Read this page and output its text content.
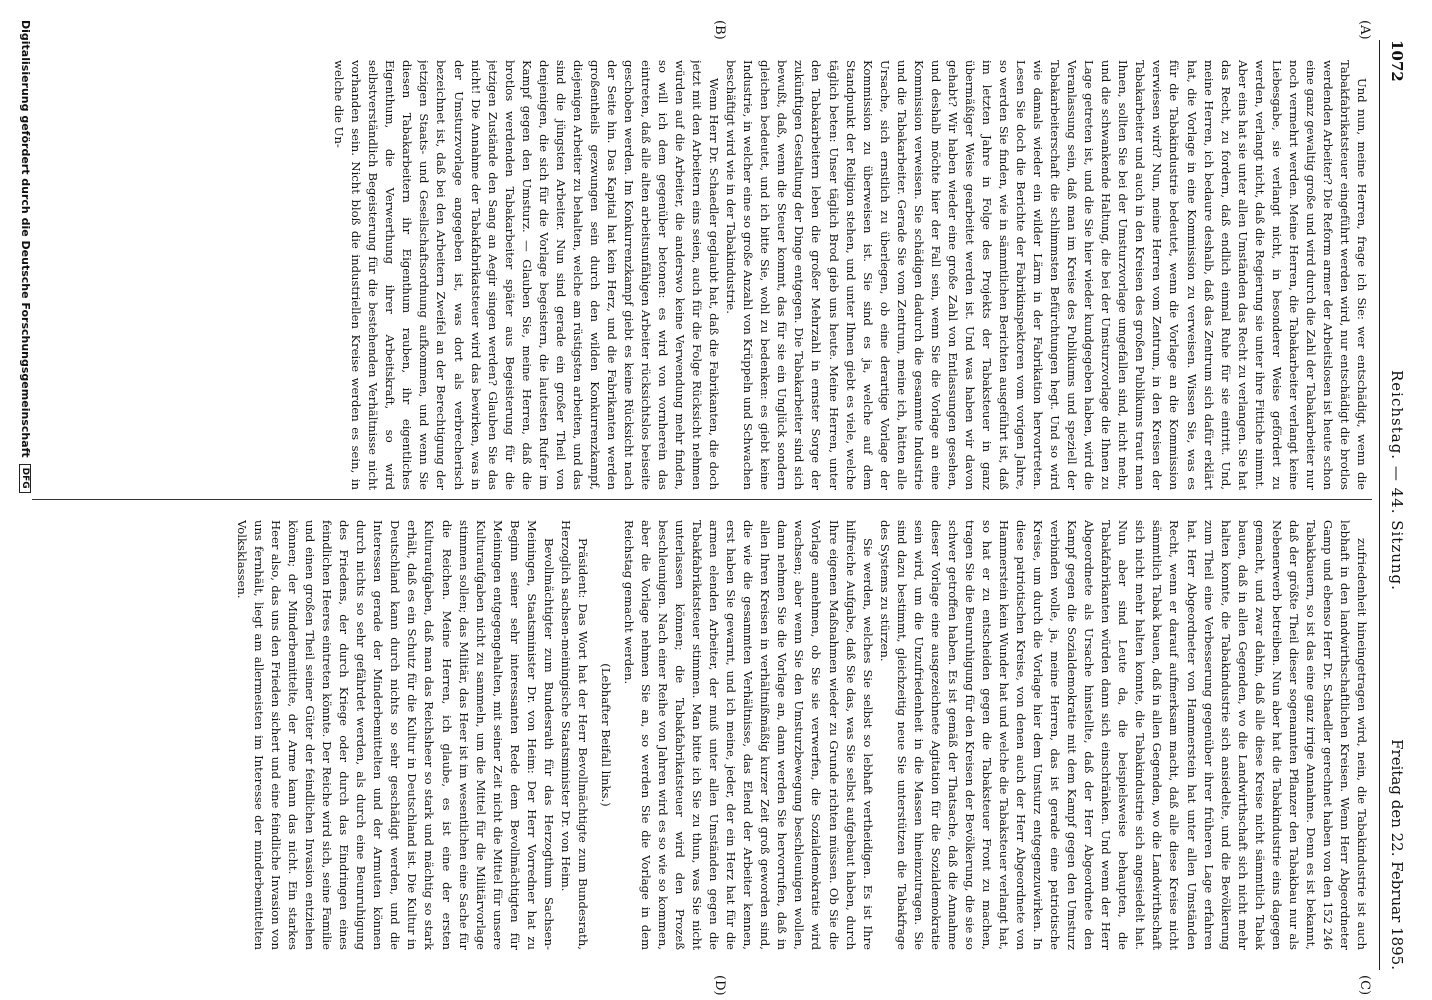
1072
Reichstag. — 44. Sitzung.
Freitag den 22. Februar 1895.
(A)
(B)
(C)
(D)

Und nun, meine Herren, frage ich Sie: wer entschädigt, wenn die Tabakfabrikatsteuer eingeführt werden wird, nur entschädigt die brotlos werdenden Arbeiter? Die Reform armer der Arbeitslosen ist heute schon eine ganz gewaltig große und wird durch die Zahl der Tabakarbeiter nur noch vermehrt werden. Meine Herren, die Tabakarbeiter verlangt keine Liebesgabe, sie verlangt nicht, in besonderer Weise gefördert zu werden, verlangt nicht, daß die Regierung sie unter ihre Fittiche nimmt. Aber eins hat sie unter allen Umständen das Recht zu verlangen. Sie hat das Recht, zu fordern, daß endlich einmal Ruhe für sie eintritt. Und, meine Herren, ich bedaure deshalb, daß das Zentrum sich dafür erklärt hat, die Vorlage in eine Kommission zu verweisen. Wissen Sie, was es für die Tabakindustrie bedeutet, wenn die Vorlage an die Kommission verwiesen wird? Nun, meine Herren vom Zentrum, in den Kreisen der Tabakarbeiter und auch in den Kreisen des großen Publikums traut man Ihnen, sollten Sie bei der Umsturzvorlage umgefallen sind, nicht mehr, und die schwankende Haltung, die bei der Umsturzvorlage die Ihnen zu Lage getreten ist, und die Sie hier wieder kundgegeben haben, wird die Veranlassung sein, daß man im Kreise des Publikums und speziell der Tabakarbeiterschaft die schlimmsten Befürchtungen hegt. Und so wird wie damals wieder ein wilder Lärm in der Fabrikation hervortreten. Lesen Sie doch die Berichte der Fabrikinspektoren vom vorigen Jahre, so werden Sie finden, wie in sämmtlichen Berichten ausgeführt ist, daß im letzten Jahre in Folge des Projekts der Tabaksteuer in ganz übermäßiger Weise gearbeitet werden ist. Und was haben wir davon gehabt? Wir haben wieder eine große Zahl von Entlassungen gesehen, und deshalb möchte hier der Fall sein, wenn Sie die Vorlage an eine Kommission verweisen. Sie schädigen dadurch die gesammte Industrie und die Tabakarbeiter. Gerade Sie vom Zentrum, meine ich, hätten alle Ursache, sich ernstlich zu überlegen, ob eine derartige Vorlage der Kommission zu überweisen ist. Sie sind es ja, welche auf dem Standpunkt der Religion stehen, und unter Ihnen giebt es viele, welche täglich beten: Unser täglich Brod gieb uns heute. Meine Herren, unter den Tabakarbeitern leben die großer Mehrzahl in ernster Sorge der zukünftigen Gestaltung der Dinge entgegen. Die Tabakarbeiter sind sich bewußt, daß, wenn die Steuer kommt, das für sie ein Unglück sondern gleichen bedeutet, und ich bitte Sie, wohl zu bedenken: es giebt keine Industrie, in welcher eine so große Anzahl von Krüppeln und Schwachen beschäftigt wird wie in der Tabakindustrie.

Wenn Herr Dr. Schaedler geglaubt hat, daß die Fabrikanten, die doch jetzt mit den Arbeitern eins seien, auch für die Folge Rücksicht nehmen würden auf die Arbeiter, die anderswo keine Verwendung mehr finden, so will ich dem gegenüber betonen: es wird von vornherein das eintreten, daß alle alten arbeitsunfähigen Arbeiter rücksichtslos beiseite geschoben werden. Im Konkurrenzkampf giebt es keine Rücksicht nach der Seite hin. Das Kapital hat kein Herz, und die Fabrikanten werden großentheils gezwungen sein durch den wilden Konkurrenzkampf, diejenigen Arbeiter zu behalten, welche am rüstigsten arbeiten, und das sind die jüngsten Arbeiter. Nun sind gerade ein großer Theil von denjenigen, die sich für die Vorlage begeistern, die lautesten Rufer im Kampf gegen den Umsturz. — Glauben Sie, meine Herren, daß die brotlos werdenden Tabakarbeiter später aus Begeisterung für die jetzigen Zustände den Sang an Aegir singen werden? Glauben Sie das nicht! Die Annahme der Tabakfabrikatsteuer wird das bewirken, was in der Umsturzvorlage angegeben ist, was dort als verbrecherisch bezeichnet ist, daß bei den Arbeitern Zweifel an der Berechtigung der jetzigen Staats- und Gesellschaftsordnung aufkommen, und wenn Sie diesen Tabakarbeitern ihr Eigenthum rauben, ihr eigentliches Eigenthum, die Verwerthung ihrer Arbeitskraft, so wird selbstverständlich Begeisterung für die bestehenden Verhältnisse nicht vorhanden sein. Nicht bloß die industriellen Kreise werden es sein, in welche die Un-

zufriedenheit hineingetragen wird, nein, die Tabakindustrie ist auch lebhaft in den landwirthschaftlichen Kreisen. Wenn Herr Abgeordneter Gamp und ebenso Herr Dr. Schaedler gerechnet haben von den 152 246 Tabakbauern, so ist das eine ganz irrige Annahme. Denn es ist bekannt, daß der größte Theil dieser sogenannten Pflanzer den Tabakbau nur als Nebenerwerb betreiben. Nun aber hat die Tabakindustrie eins dagegen gemacht, und zwar dahin, daß alle diese Kreise nicht sämmtlich Tabak bauen, daß in allen Gegenden, wo die Landwirthschaft sich nicht mehr halten konnte, die Tabakindustrie sich ansiedelte, und die Bevölkerung zum Theil eine Verbesserung gegenüber ihrer früheren Lage erfahren hat. Herr Abgeordneter von Hammerstein hat unter allen Umständen Recht, wenn er darauf aufmerksam macht, daß alle diese Kreise nicht sämmtlich Tabak bauen, daß in allen Gegenden, wo die Landwirthschaft sich nicht mehr halten konnte, die Tabakindustrie sich angesiedelt hat. Nun aber sind Leute da, die beispielsweise behaupten, die Tabakfabrikanten würden dann sich einschränken. Und wenn der Herr Abgeordnete als Ursache hinstellte, daß der Herr Abgeordnete den Kampf gegen die Sozialdemokratie mit dem Kampf gegen den Umsturz verbinden wolle, ja, meine Herren, das ist gerade eine patriotische Kreise, um durch die Vorlage hier dem Umsturz entgegenzuwirken. In diese patriotischen Kreise, von denen auch der Herr Abgeordnete von Hammerstein kein Wunder hat und welche die Tabaksteuer verlangt hat, so hat er zu entscheiden gegen die Tabaksteuer Front zu machen, tragen Sie die Beunruhigung für den Kreisen der Bevölkerung, die sie so schwer getroffen haben. Es ist gemäß der Thatsache, daß die Annahme dieser Vorlage eine ausgezeichnete Agitation für die Sozialdemokratie sein wird, um die Unzufriedenheit in die Massen hineinzutragen. Sie sind dazu bestimmt, gleichzeitig neue Sie unterstützen die Tabakfrage des Systems zu stürzen.

Sie werden, welches Sie selbst so lebhaft vertheidigen. Es ist Ihre hilfreiche Aufgabe, daß Sie das, was Sie selbst aufgebaut haben, durch Ihre eigenen Maßnahmen wieder zu Grunde richten müssen. Ob Sie die Vorlage annehmen, ob Sie sie verwerfen, die Sozialdemokratie wird wachsen; aber wenn Sie den Umsturzbewegung beschleunigen wollen, dann nehmen Sie die Vorlage an, dann werden Sie hervorrufen, daß in allen Ihren Kreisen in verhältnißmäßig kurzer Zeit groß geworden sind, die wie die gesammten Verhältnisse, das Elend der Arbeiter kennen, erst haben Sie gewarnt, und ich meine, jeder, der ein Herz hat für die armen elenden Arbeiter, der muß unter allen Umständen gegen die Tabakfabrikatsteuer stimmen. Man bitte ich Sie zu thun, was Sie nicht unterlassen können; die Tabakfabrikatsteuer wird den Prozeß beschleunigen. Nach einer Reihe von Jahren wird es so wie so kommen, aber die Vorlage nehmen Sie an, so werden Sie die Vorlage in dem Reichstag gemacht werden.

(Lebhafter Beifall links.)

Präsident: Das Wort hat der Herr Bevollmächtigte zum Bundesrath, Herzoglich sachsen-meiningische Staatsminister Dr. von Heim.

Bevollmächtigter zum Bundesrath für das Herzogthum Sachsen-Meiningen, Staatsminister Dr. von Heim: Der Herr Vorredner hat zu Beginn seiner sehr interessanten Rede dem Bevollmächtigten für Meiningen entgegengehalten, mit seiner Zeit nicht die Mittel für unsere Kulturaufgaben nicht zu sammeln, um die Mittel für die Militärvorlage stimmen sollen; das Militär, das Heer ist im wesentlichen eine Sache für die Reichen. Meine Herren, ich glaube, es ist eine der ersten Kulturaufgaben, daß man das Reichsheer so stark und mächtig so stark erhält, daß es ein Schutz für die Kultur in Deutschland ist. Die Kultur in Deutschland kann durch nichts so sehr geschädigt werden, und die Interessen gerade der Minderbemittelten und der Armuten können durch nichts so sehr gefährdet werden, als durch eine Beunruhigung des Friedens, der durch Kriege oder durch das Eindringen eines feindlichen Heeres eintreten könnte. Der Reiche wird sich, seine Familie und einen großen Theil seiner Güter der feindlichen Invasion entziehen können; der Minderbemittelte, der Arme kann das nicht. Ein starkes Heer also, das uns den Frieden sichert und eine feindliche Invasion von uns fernhält, liegt am allermeisten im Interesse der minderbemittelten Volksklassen.

Digitalisierung gefördert durch die Deutsche Forschungsgemeinschaft
DFG
